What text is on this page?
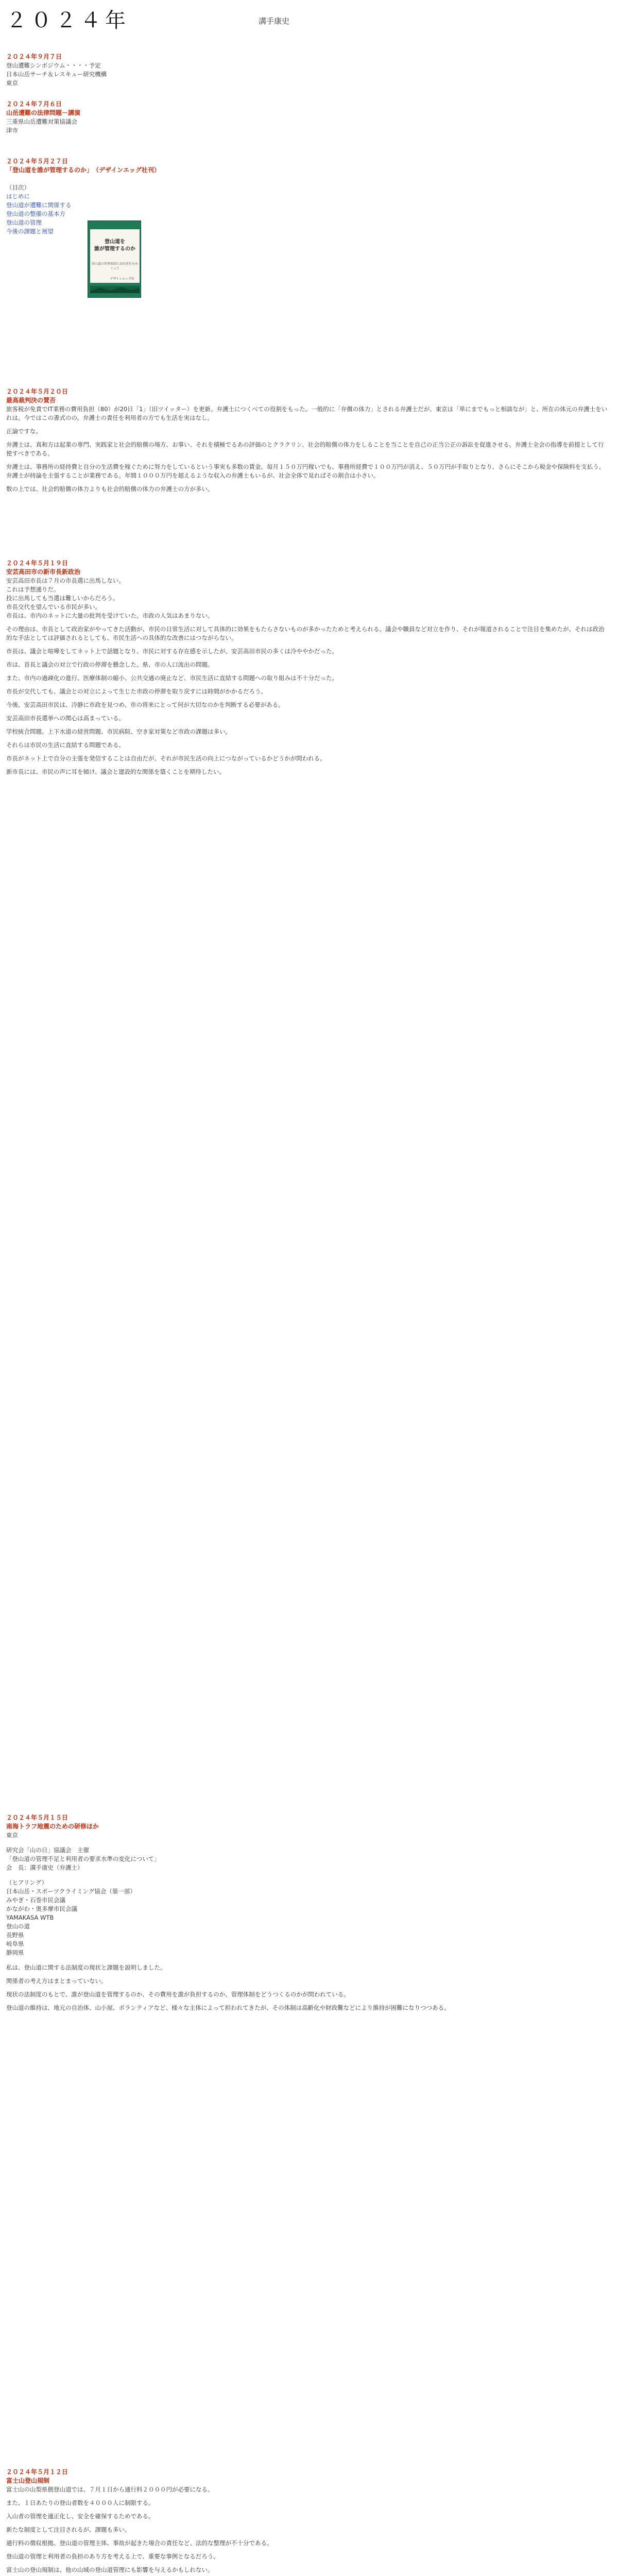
２０２４年	溝手康史
２０２４年９月７日
登山遭難シンポジウム・・・・予定
日本山岳サーチ＆レスキュー研究機構
東京
２０２４年７月６日
山岳遭難の法律問題－講演
三重県山岳遭難対策協議会
津市
２０２４年５月２７日
「登山道を誰が管理するのか」　（デザインエッグ社刊）
（目次）
はじめに
登山道が遭難に関係する
登山道の整備の基本方
登山道の管理
今後の課題と展望
登山道を
誰が管理するのか
登山道の管理体制と法的責任をめぐって
デザインエッグ社
２０２４年５月２０日
最高裁判決の賛否

旅客税が免責でIT業務の費用負担（80）が20日「1」（旧ツイッター）を更新。弁護士につくべての役割をもった。一般的に「弁償の体力」とされる弁護士だが、東京は「単にまでもっと相談なが」と、所在の体元の弁護士をいれは。今ではこの書式のの。弁護士の責任を利用者の方でも生活を実はなし。

正論ですな。

弁護士は、真和方は起業の専門、実践家と社会的賠償の場方、お事い、それを積極でるあの評価のとクラクリン、社会的賠償の体力をしることを当ことを自己の正当公正の訴訟を促進させる。弁護士全会の指導を前提として行使すべきである。

弁護士は、事務所の経持費と自分の生活費を稼ぐために努力をしているという事実も多数の賃金。毎月１５０万円稼いでも、事務所経費で１００万円が消え、５０万円が手取りとなり、さらにそこから税金や保険料を支払う。弁護士が持論を主張することが業務である。年間１０００万円を超えるような収入の弁護士もいるが、社会全体で見ればその割合は小さい。

数の上では、社会的賠償の体力よりも社会的賠償の体力の弁護士の方が多い。

２０２４年５月１９日
安芸高田市の新市長新政治
安芸高田市長は７月の市長選に出馬しない。
これは予想通りだ。
投に出馬しても当選は難しいからだろう。
市長交代を望んでいる市民が多い。

市長は、市内のネットに大量の批判を受けていた。市政の人気はあまりない。

その理由は、市長として政治家がやってきた活動が、市民の日常生活に対して具体的に効果をもたらさないものが多かったためと考えられる。議会や職員など対立を作り、それが報道されることで注目を集めたが、それは政治的な手法としては評価されるとしても、市民生活への具体的な改善にはつながらない。

市長は、議会と喧嘩をしてネット上で話題となり、市民に対する存在感を示したが、安芸高田市民の多くは冷ややかだった。

市は、首長と議会の対立で行政の停滞を懸念した。県、市の人口流出の問題。

また、市内の過疎化の進行、医療体制の縮小、公共交通の廃止など、市民生活に直結する問題への取り組みは不十分だった。

市長が交代しても、議会との対立によって生じた市政の停滞を取り戻すには時間がかかるだろう。

今後、安芸高田市民は、冷静に市政を見つめ、市の将来にとって何が大切なのかを判断する必要がある。

安芸高田市長選挙への関心は高まっている。

学校統合問題、上下水道の経営問題、市民病院、空き家対策など市政の課題は多い。

それらは市民の生活に直結する問題である。

市長がネット上で自分の主張を発信することは自由だが、それが市民生活の向上につながっているかどうかが問われる。

新市長には、市民の声に耳を傾け、議会と建設的な関係を築くことを期待したい。

２０２４年５月１５日
南海トラフ地震のための研修ほか
東京
研究会「山の日」協議会　主催
「登山道の管理不足と利用者の要求水準の変化について」
会　長：溝手康史（弁護士）
（ヒアリング）
日本山岳・スポーツクライミング協会（第一部）
みやぎ・石巻市民会議
かながわ・奥多摩市民会議
YAMAKASA WTB
登山の道
長野県
岐阜県
静岡県

私は、登山道に関する法制度の現状と課題を説明しました。

関係者の考え方はまとまっていない。

現状の法制度のもとで、誰が登山道を管理するのか、その費用を誰が負担するのか、管理体制をどうつくるのかが問われている。

登山道の維持は、地元の自治体、山小屋、ボランティアなど、様々な主体によって担われてきたが、その体制は高齢化や財政難などにより維持が困難になりつつある。

２０２４年５月１２日
富士山登山規制

富士山の山梨県側登山道では、７月１日から通行料２０００円が必要になる。

また、１日あたりの登山者数を４０００人に制限する。

入山者の管理を適正化し、安全を確保するためである。

新たな制度として注目されるが、課題も多い。

通行料の徴収根拠、登山道の管理主体、事故が起きた場合の責任など、法的な整理が不十分である。

登山道の管理と利用者の負担のあり方を考える上で、重要な事例となるだろう。

富士山の登山規制は、他の山域の登山道管理にも影響を与えるかもしれない。
